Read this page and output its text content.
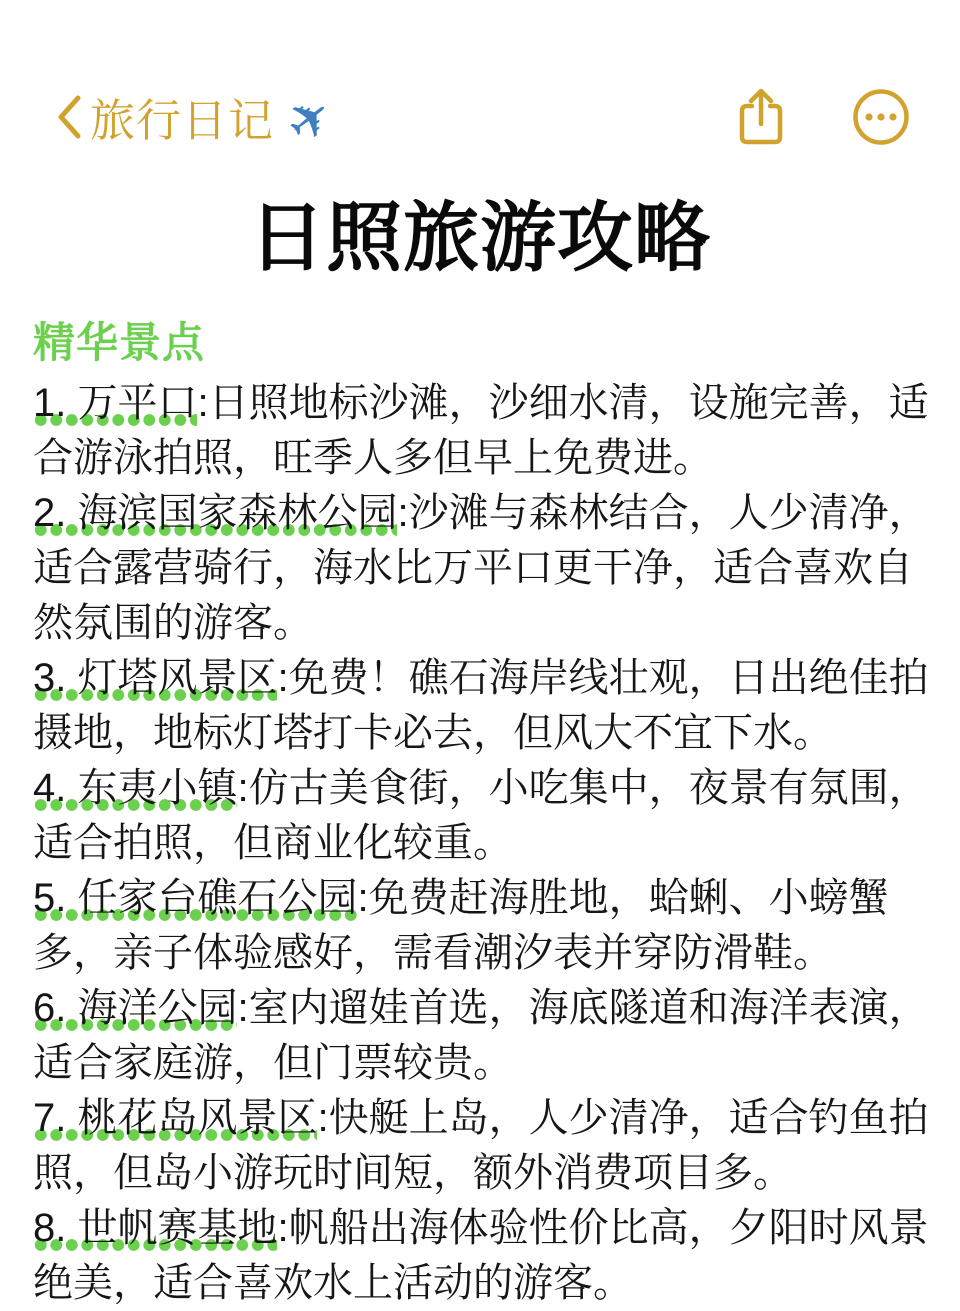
旅行日记 ✈
日照旅游攻略
精华景点

1. 万平口:日照地标沙滩，沙细水清，设施完善，适合游泳拍照，旺季人多但早上免费进。

2. 海滨国家森林公园:沙滩与森林结合，人少清净，适合露营骑行，海水比万平口更干净，适合喜欢自然氛围的游客。

3. 灯塔风景区:免费！礁石海岸线壮观，日出绝佳拍摄地，地标灯塔打卡必去，但风大不宜下水。

4. 东夷小镇:仿古美食街，小吃集中，夜景有氛围，适合拍照，但商业化较重。

5. 任家台礁石公园:免费赶海胜地，蛤蜊、小螃蟹多，亲子体验感好，需看潮汐表并穿防滑鞋。

6. 海洋公园:室内遛娃首选，海底隧道和海洋表演，适合家庭游，但门票较贵。

7. 桃花岛风景区:快艇上岛，人少清净，适合钓鱼拍照，但岛小游玩时间短，额外消费项目多。

8. 世帆赛基地:帆船出海体验性价比高，夕阳时风景绝美，适合喜欢水上活动的游客。
